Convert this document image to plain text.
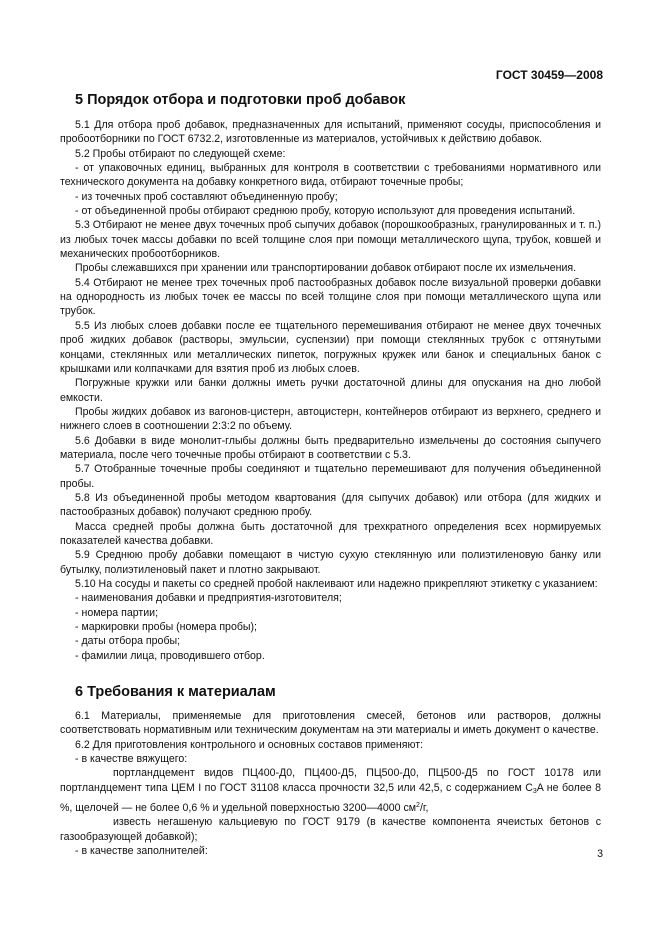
ГОСТ 30459—2008
5 Порядок отбора и подготовки проб добавок

5.1 Для отбора проб добавок, предназначенных для испытаний, применяют сосуды, приспособления и пробоотборники по ГОСТ 6732.2, изготовленные из материалов, устойчивых к действию добавок.

5.2 Пробы отбирают по следующей схеме:

- от упаковочных единиц, выбранных для контроля в соответствии с требованиями нормативного или технического документа на добавку конкретного вида, отбирают точечные пробы;

- из точечных проб составляют объединенную пробу;

- от объединенной пробы отбирают среднюю пробу, которую используют для проведения испытаний.

5.3 Отбирают не менее двух точечных проб сыпучих добавок (порошкообразных, гранулированных и т. п.) из любых точек массы добавки по всей толщине слоя при помощи металлического щупа, трубок, ковшей и механических пробоотборников.

Пробы слежавшихся при хранении или транспортировании добавок отбирают после их измельчения.

5.4 Отбирают не менее трех точечных проб пастообразных добавок после визуальной проверки добавки на однородность из любых точек ее массы по всей толщине слоя при помощи металлического щупа или трубок.

5.5 Из любых слоев добавки после ее тщательного перемешивания отбирают не менее двух точечных проб жидких добавок (растворы, эмульсии, суспензии) при помощи стеклянных трубок с оттянутыми концами, стеклянных или металлических пипеток, погружных кружек или банок и специальных банок с крышками или колпачками для взятия проб из любых слоев.

Погружные кружки или банки должны иметь ручки достаточной длины для опускания на дно любой емкости.

Пробы жидких добавок из вагонов-цистерн, автоцистерн, контейнеров отбирают из верхнего, среднего и нижнего слоев в соотношении 2:3:2 по объему.

5.6 Добавки в виде монолит-глыбы должны быть предварительно измельчены до состояния сыпучего материала, после чего точечные пробы отбирают в соответствии с 5.3.

5.7 Отобранные точечные пробы соединяют и тщательно перемешивают для получения объединенной пробы.

5.8 Из объединенной пробы методом квартования (для сыпучих добавок) или отбора (для жидких и пастообразных добавок) получают среднюю пробу.

Масса средней пробы должна быть достаточной для трехкратного определения всех нормируемых показателей качества добавки.

5.9 Среднюю пробу добавки помещают в чистую сухую стеклянную или полиэтиленовую банку или бутылку, полиэтиленовый пакет и плотно закрывают.

5.10 На сосуды и пакеты со средней пробой наклеивают или надежно прикрепляют этикетку с указанием:

- наименования добавки и предприятия-изготовителя;

- номера партии;

- маркировки пробы (номера пробы);

- даты отбора пробы;

- фамилии лица, проводившего отбор.

6 Требования к материалам

6.1 Материалы, применяемые для приготовления смесей, бетонов или растворов, должны соответствовать нормативным или техническим документам на эти материалы и иметь документ о качестве.

6.2 Для приготовления контрольного и основных составов применяют:

- в качестве вяжущего:

портландцемент видов ПЦ400-Д0, ПЦ400-Д5, ПЦ500-Д0, ПЦ500-Д5 по ГОСТ 10178 или портландцемент типа ЦЕМ I по ГОСТ 31108 класса прочности 32,5 или 42,5, с содержанием $C_3A$ не более 8 %, щелочей — не более 0,6 % и удельной поверхностью 3200—4000 $см^2/г$,

известь негашеную кальциевую по ГОСТ 9179 (в качестве компонента ячеистых бетонов с газообразующей добавкой);

- в качестве заполнителей:	3
